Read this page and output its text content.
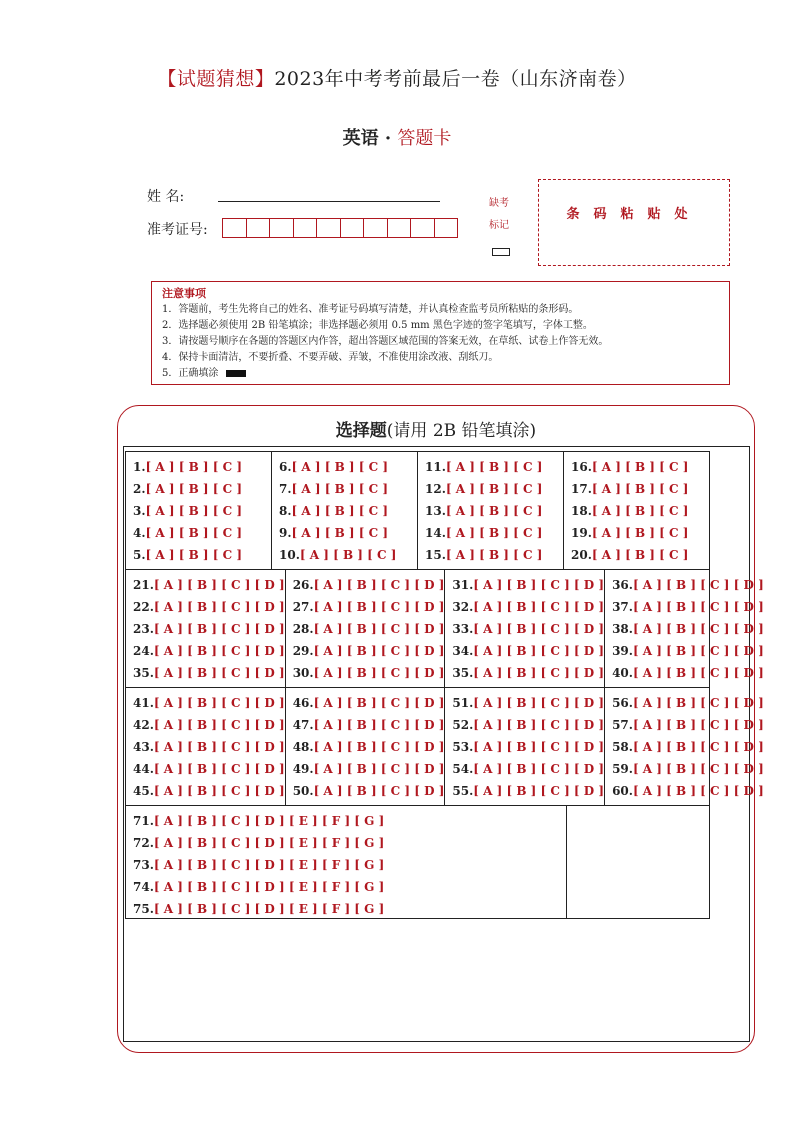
【试题猜想】2023年中考考前最后一卷（山东济南卷）
英语 · 答题卡
姓 名:
准考证号:
缺考
标记
条码粘贴处
注意事项
1．答题前，考生先将自己的姓名、准考证号码填写清楚，并认真检查监考员所粘贴的条形码。
2．选择题必须使用 2B 铅笔填涂；非选择题必须用 0.5 mm 黑色字迹的签字笔填写，字体工整。
3．请按题号顺序在各题的答题区内作答，超出答题区域范围的答案无效，在草纸、试卷上作答无效。
4．保持卡面清洁，不要折叠、不要弄破、弄皱，不准使用涂改液、刮纸刀。
5．正确填涂
选择题(请用 2B 铅笔填涂)
1.[ A ] [ B ] [ C ]
2.[ A ] [ B ] [ C ]
3.[ A ] [ B ] [ C ]
4.[ A ] [ B ] [ C ]
5.[ A ] [ B ] [ C ]
6.[ A ] [ B ] [ C ]
7.[ A ] [ B ] [ C ]
8.[ A ] [ B ] [ C ]
9.[ A ] [ B ] [ C ]
10.[ A ] [ B ] [ C ]
11.[ A ] [ B ] [ C ]
12.[ A ] [ B ] [ C ]
13.[ A ] [ B ] [ C ]
14.[ A ] [ B ] [ C ]
15.[ A ] [ B ] [ C ]
16.[ A ] [ B ] [ C ]
17.[ A ] [ B ] [ C ]
18.[ A ] [ B ] [ C ]
19.[ A ] [ B ] [ C ]
20.[ A ] [ B ] [ C ]
21.[ A ] [ B ] [ C ] [ D ]
22.[ A ] [ B ] [ C ] [ D ]
23.[ A ] [ B ] [ C ] [ D ]
24.[ A ] [ B ] [ C ] [ D ]
35.[ A ] [ B ] [ C ] [ D ]
26.[ A ] [ B ] [ C ] [ D ]
27.[ A ] [ B ] [ C ] [ D ]
28.[ A ] [ B ] [ C ] [ D ]
29.[ A ] [ B ] [ C ] [ D ]
30.[ A ] [ B ] [ C ] [ D ]
31.[ A ] [ B ] [ C ] [ D ]
32.[ A ] [ B ] [ C ] [ D ]
33.[ A ] [ B ] [ C ] [ D ]
34.[ A ] [ B ] [ C ] [ D ]
35.[ A ] [ B ] [ C ] [ D ]
36.[ A ] [ B ] [ C ] [ D ]
37.[ A ] [ B ] [ C ] [ D ]
38.[ A ] [ B ] [ C ] [ D ]
39.[ A ] [ B ] [ C ] [ D ]
40.[ A ] [ B ] [ C ] [ D ]
41.[ A ] [ B ] [ C ] [ D ]
42.[ A ] [ B ] [ C ] [ D ]
43.[ A ] [ B ] [ C ] [ D ]
44.[ A ] [ B ] [ C ] [ D ]
45.[ A ] [ B ] [ C ] [ D ]
46.[ A ] [ B ] [ C ] [ D ]
47.[ A ] [ B ] [ C ] [ D ]
48.[ A ] [ B ] [ C ] [ D ]
49.[ A ] [ B ] [ C ] [ D ]
50.[ A ] [ B ] [ C ] [ D ]
51.[ A ] [ B ] [ C ] [ D ]
52.[ A ] [ B ] [ C ] [ D ]
53.[ A ] [ B ] [ C ] [ D ]
54.[ A ] [ B ] [ C ] [ D ]
55.[ A ] [ B ] [ C ] [ D ]
56.[ A ] [ B ] [ C ] [ D ]
57.[ A ] [ B ] [ C ] [ D ]
58.[ A ] [ B ] [ C ] [ D ]
59.[ A ] [ B ] [ C ] [ D ]
60.[ A ] [ B ] [ C ] [ D ]
71.[ A ] [ B ] [ C ] [ D ] [ E ] [ F ] [ G ]
72.[ A ] [ B ] [ C ] [ D ] [ E ] [ F ] [ G ]
73.[ A ] [ B ] [ C ] [ D ] [ E ] [ F ] [ G ]
74.[ A ] [ B ] [ C ] [ D ] [ E ] [ F ] [ G ]
75.[ A ] [ B ] [ C ] [ D ] [ E ] [ F ] [ G ]
